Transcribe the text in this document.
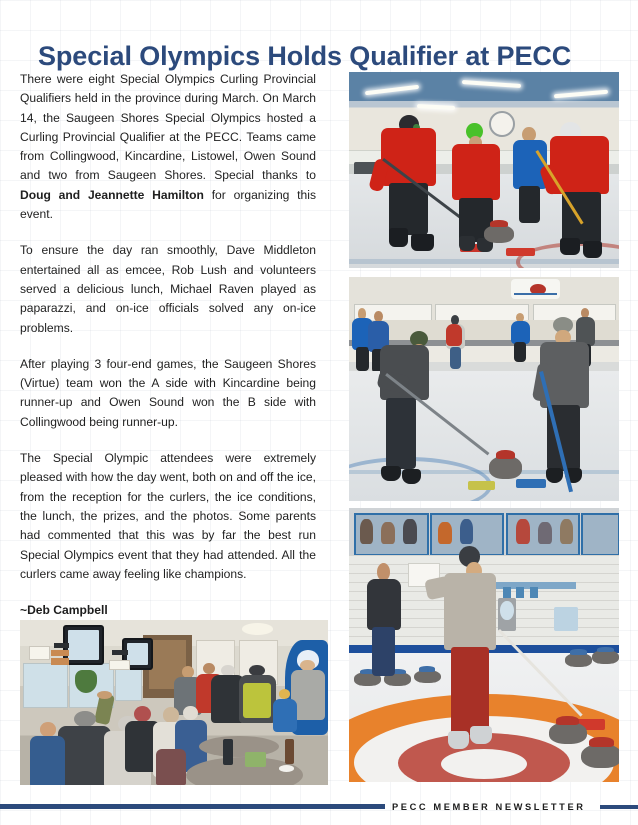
Special Olympics Holds Qualifier at PECC

There were eight Special Olympics Curling Provincial Qualifiers held in the province during March. On March 14, the Saugeen Shores Special Olympics hosted a Curling Provincial Qualifier at the PECC. Teams came from Collingwood, Kincardine, Listowel, Owen Sound and two from Saugeen Shores. Special thanks to Doug and Jeannette Hamilton for organizing this event.

To ensure the day ran smoothly, Dave Middleton entertained all as emcee, Rob Lush and volunteers served a delicious lunch, Michael Raven played as paparazzi, and on-ice officials solved any on-ice problems.

After playing 3 four-end games, the Saugeen Shores (Virtue) team won the A side with Kincardine being runner-up and Owen Sound won the B side with Collingwood being runner-up.

The Special Olympic attendees were extremely pleased with how the day went, both on and off the ice, from the reception for the curlers, the ice conditions, the lunch, the prizes, and the photos. Some parents had commented that this was by far the best run Special Olympics event that they had attended. All the curlers came away feeling like champions.

~Deb Campbell
PECC MEMBER NEWSLETTER
